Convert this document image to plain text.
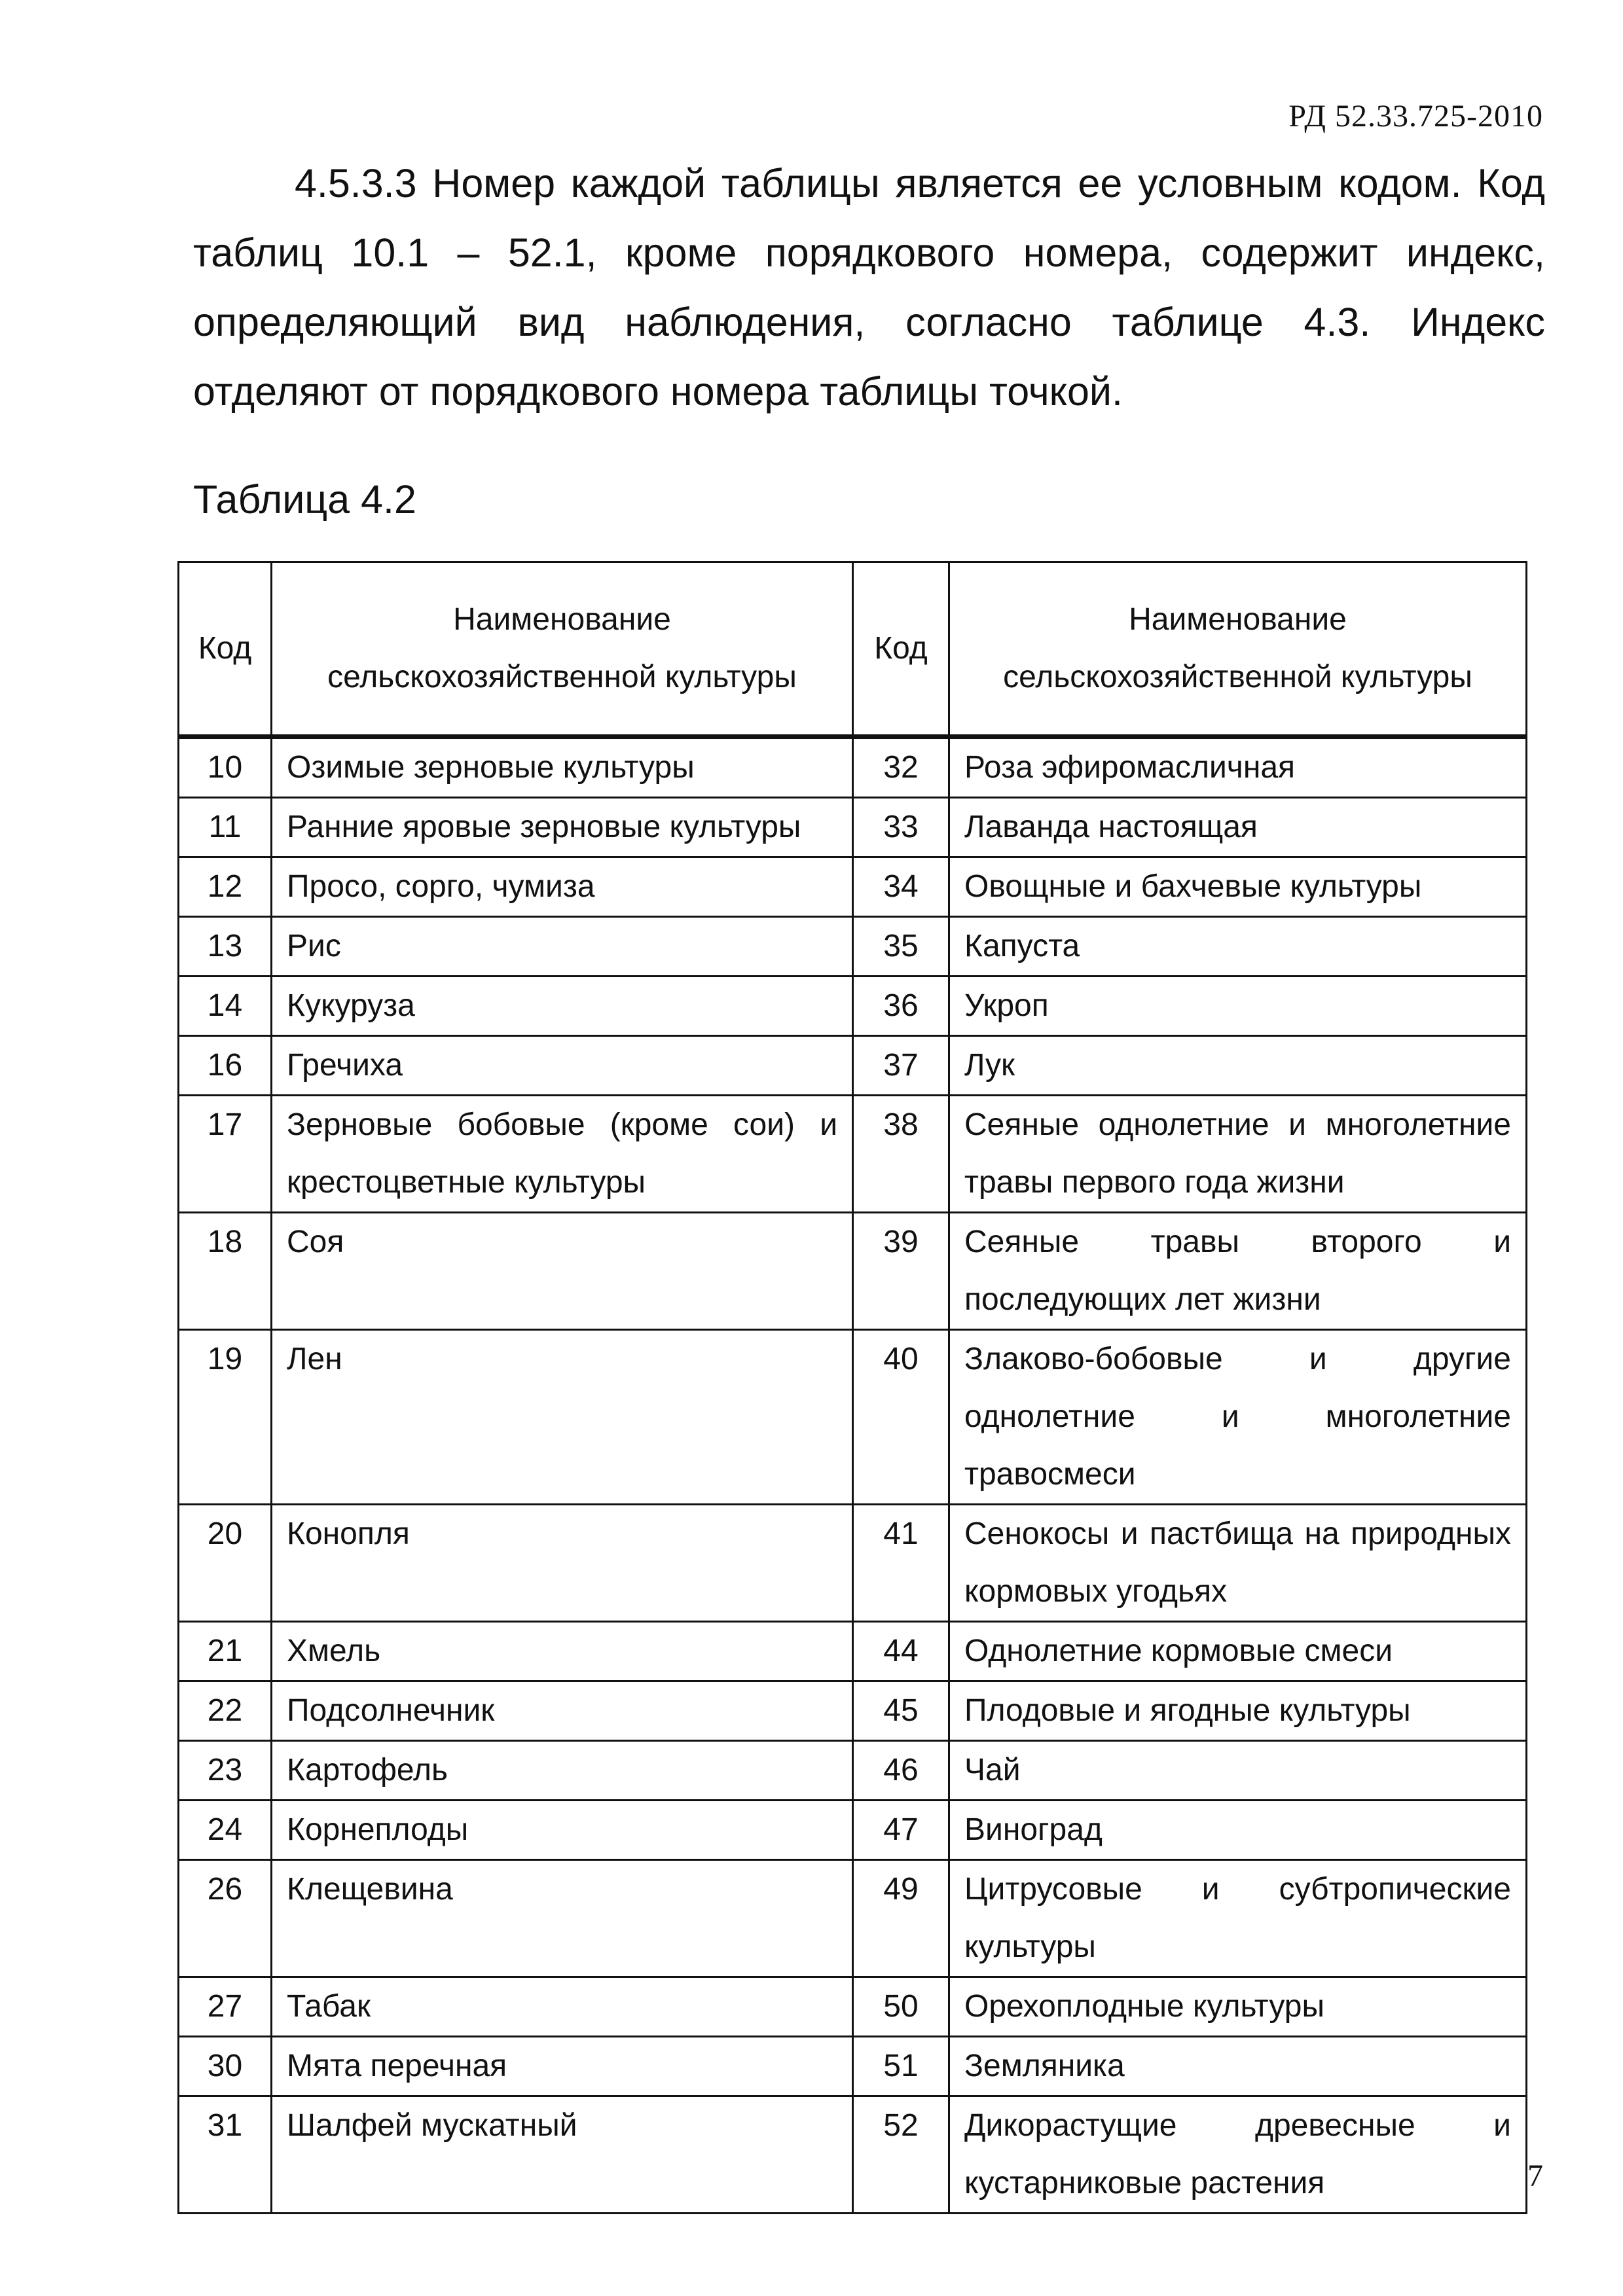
РД 52.33.725-2010

4.5.3.3 Номер каждой таблицы является ее условным кодом. Код таблиц 10.1 – 52.1, кроме порядкового номера, содержит индекс, определяющий вид наблюдения, согласно таблице 4.3. Индекс отделяют от порядкового номера таблицы точкой.

Таблица 4.2

Код	Наименование сельскохозяйственной культуры	Код	Наименование сельскохозяйственной культуры
10	Озимые зерновые культуры	32	Роза эфиромасличная
11	Ранние яровые зерновые культуры	33	Лаванда настоящая
12	Просо, сорго, чумиза	34	Овощные и бахчевые культуры
13	Рис	35	Капуста
14	Кукуруза	36	Укроп
16	Гречиха	37	Лук
17	Зерновые бобовые (кроме сои) и крестоцветные культуры	38	Сеяные однолетние и многолетние травы первого года жизни
18	Соя	39	Сеяные травы второго и последующих лет жизни
19	Лен	40	Злаково-бобовые и другие однолетние и многолетние травосмеси
20	Конопля	41	Сенокосы и пастбища на природных кормовых угодьях
21	Хмель	44	Однолетние кормовые смеси
22	Подсолнечник	45	Плодовые и ягодные культуры
23	Картофель	46	Чай
24	Корнеплоды	47	Виноград
26	Клещевина	49	Цитрусовые и субтропические культуры
27	Табак	50	Орехоплодные культуры
30	Мята перечная	51	Земляника
31	Шалфей мускатный	52	Дикорастущие древесные и кустарниковые растения	7
